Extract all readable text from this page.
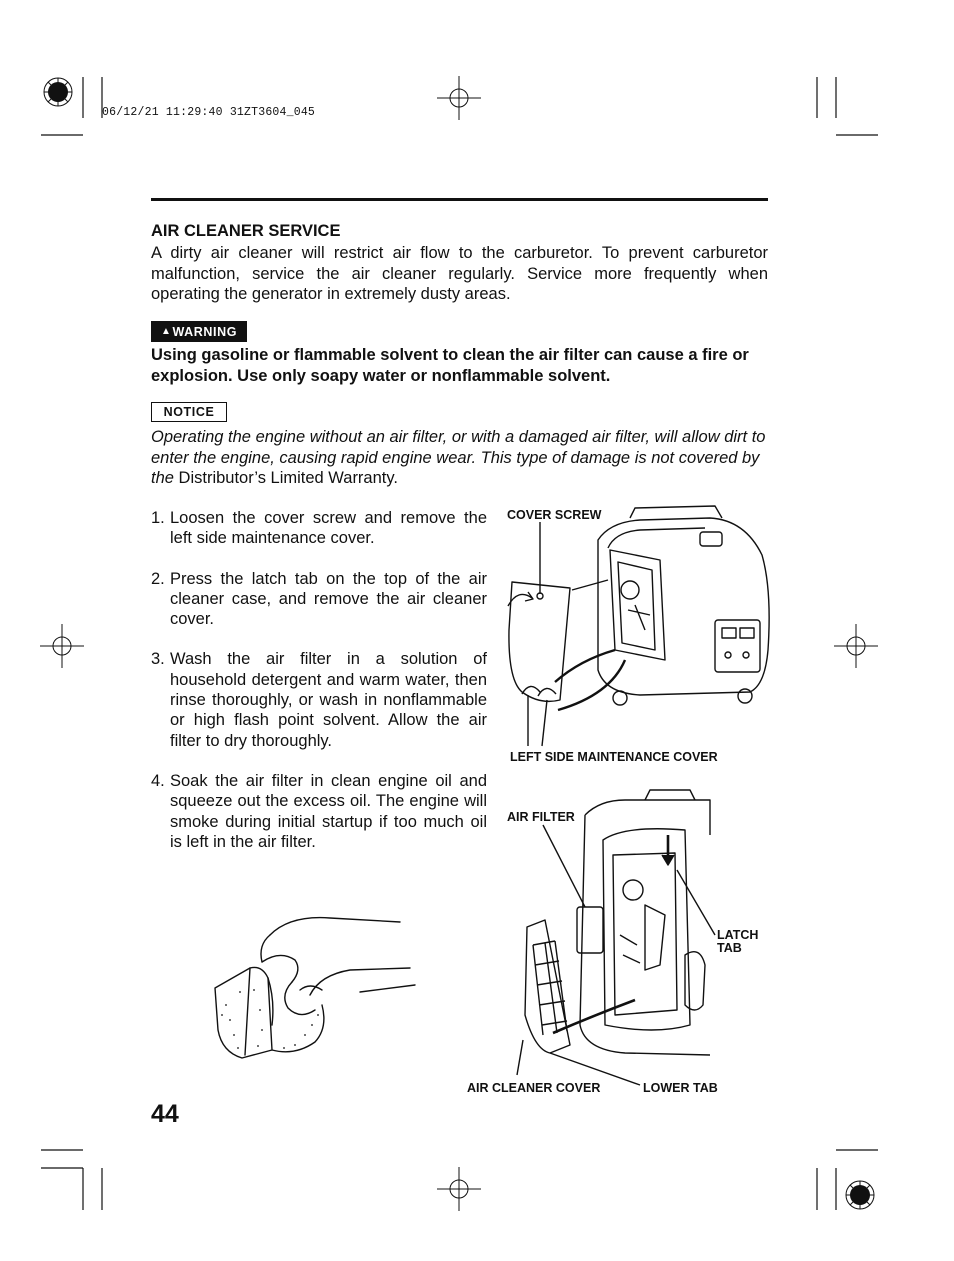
06/12/21 11:29:40 31ZT3604_045
AIR CLEANER SERVICE
A dirty air cleaner will restrict air flow to the carburetor. To prevent carburetor malfunction, service the air cleaner regularly. Service more frequently when operating the generator in extremely dusty areas.
▲ WARNING
Using gasoline or flammable solvent to clean the air filter can cause a fire or explosion. Use only soapy water or nonflammable solvent.
NOTICE
Operating the engine without an air filter, or with a damaged air filter, will allow dirt to enter the engine, causing rapid engine wear. This type of damage is not covered by the Distributor’s Limited Warranty.
1. Loosen the cover screw and remove the left side maintenance cover.
2. Press the latch tab on the top of the air cleaner case, and remove the air cleaner cover.
3. Wash the air filter in a solution of household detergent and warm water, then rinse thoroughly, or wash in nonflammable or high flash point solvent. Allow the air filter to dry thoroughly.
4. Soak the air filter in clean engine oil and squeeze out the excess oil. The engine will smoke during initial startup if too much oil is left in the air filter.
COVER SCREW
LEFT SIDE MAINTENANCE COVER
AIR FILTER
LATCH
TAB
AIR CLEANER COVER	LOWER TAB
44
